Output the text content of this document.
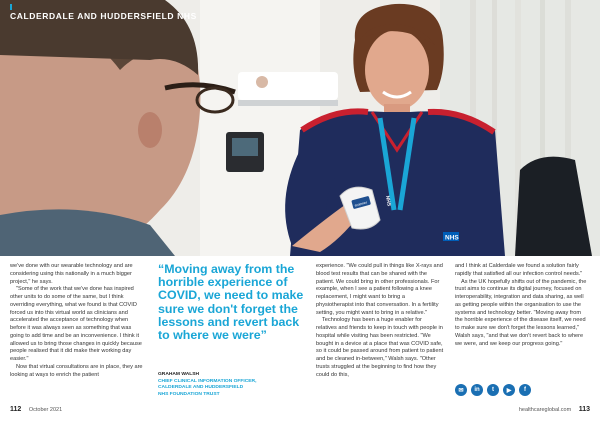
NHS
NHS
scanner
CALDERDALE AND HUDDERSFIELD NHS

we've done with our wearable technology and are considering using this nationally in a much bigger project," he says.

"Some of the work that we've done has inspired other units to do some of the same, but I think overriding everything, what we found is that COVID forced us into this virtual world as clinicians and accelerated the acceptance of technology when before it was always seen as something that was going to add time and be an inconvenience. I think it allowed us to bring those changes in quickly because people realised that it did make their working day easier."

Now that virtual consultations are in place, they are looking at ways to enrich the patient

“Moving away from the horrible experience of COVID, we need to make sure we don't forget the lessons and revert back to where we were”
GRAHAM WALSH
CHIEF CLINICAL INFORMATION OFFICER,
CALDERDALE AND HUDDERSFIELD
NHS FOUNDATION TRUST

experience. "We could pull in things like X-rays and blood test results that can be shared with the patient. We could bring in other professionals. For example, when I see a patient following a knee replacement, I might want to bring a physiotherapist into that conversation. In a fertility setting, you might want to bring in a relative."

Technology has been a huge enabler for relatives and friends to keep in touch with people in hospital while visiting has been restricted. "We bought in a device at a place that was COVID safe, so it could be passed around from patient to patient and be cleaned in-between," Walsh says. "Other trusts struggled at the beginning to find how they could do this,

and I think at Calderdale we found a solution fairly rapidly that satisfied all our infection control needs."

As the UK hopefully shifts out of the pandemic, the trust aims to continue its digital journey, focused on interoperability, integration and data sharing, as well as getting people within the organisation to use the systems and technology better. "Moving away from the horrible experience of the disease itself, we need to make sure we don't forget the lessons learned," Walsh says, "and that we don't revert back to where we were, and we keep our progress going."

✉	in	t	▶	f
112 October 2021	healthcareglobal.com 113
